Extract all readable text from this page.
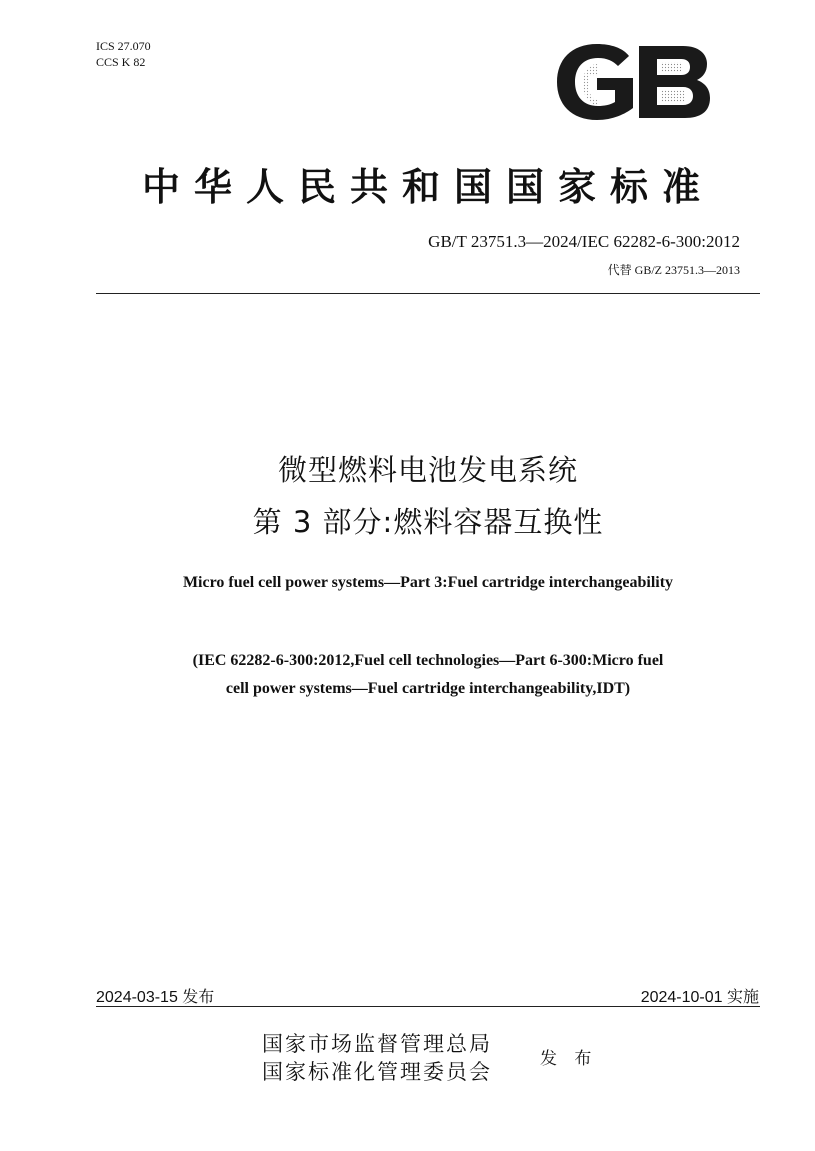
ICS 27.070
CCS K 82
中华人民共和国国家标准
GB/T 23751.3—2024/IEC 62282-6-300:2012
代替 GB/Z 23751.3—2013
微型燃料电池发电系统
第 3 部分:燃料容器互换性
Micro fuel cell power systems—Part 3:Fuel cartridge interchangeability
(IEC 62282-6-300:2012,Fuel cell technologies—Part 6-300:Micro fuel
cell power systems—Fuel cartridge interchangeability,IDT)
2024-03-15 发布	2024-10-01 实施
国家市场监督管理总局
国家标准化管理委员会
发 布
